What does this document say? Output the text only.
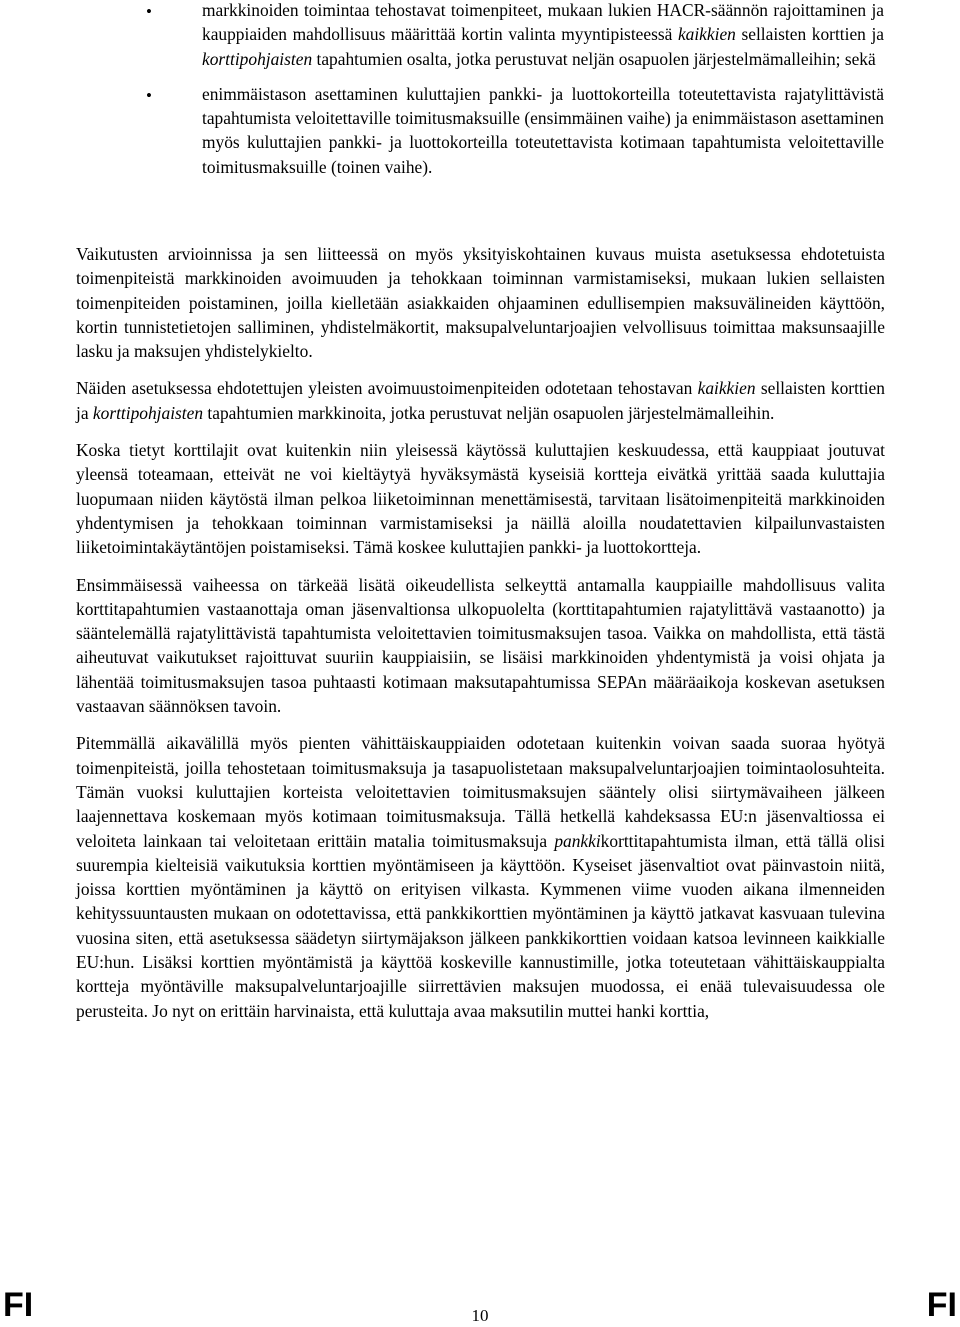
•	markkinoiden toimintaa tehostavat toimenpiteet, mukaan lukien HACR-säännön rajoittaminen ja kauppiaiden mahdollisuus määrittää kortin valinta myyntipisteessä kaikkien sellaisten korttien ja korttipohjaisten tapahtumien osalta, jotka perustuvat neljän osapuolen järjestelmämalleihin; sekä
•	enimmäistason asettaminen kuluttajien pankki- ja luottokorteilla toteutettavista rajatylittävistä tapahtumista veloitettaville toimitusmaksuille (ensimmäinen vaihe) ja enimmäistason asettaminen myös kuluttajien pankki- ja luottokorteilla toteutettavista kotimaan tapahtumista veloitettaville toimitusmaksuille (toinen vaihe).

Vaikutusten arvioinnissa ja sen liitteessä on myös yksityiskohtainen kuvaus muista asetuksessa ehdotetuista toimenpiteistä markkinoiden avoimuuden ja tehokkaan toiminnan varmistamiseksi, mukaan lukien sellaisten toimenpiteiden poistaminen, joilla kielletään asiakkaiden ohjaaminen edullisempien maksuvälineiden käyttöön, kortin tunnistetietojen salliminen, yhdistelmäkortit, maksupalveluntarjoajien velvollisuus toimittaa maksunsaajille lasku ja maksujen yhdistelykielto.

Näiden asetuksessa ehdotettujen yleisten avoimuustoimenpiteiden odotetaan tehostavan kaikkien sellaisten korttien ja korttipohjaisten tapahtumien markkinoita, jotka perustuvat neljän osapuolen järjestelmämalleihin.

Koska tietyt korttilajit ovat kuitenkin niin yleisessä käytössä kuluttajien keskuudessa, että kauppiaat joutuvat yleensä toteamaan, etteivät ne voi kieltäytyä hyväksymästä kyseisiä kortteja eivätkä yrittää saada kuluttajia luopumaan niiden käytöstä ilman pelkoa liiketoiminnan menettämisestä, tarvitaan lisätoimenpiteitä markkinoiden yhdentymisen ja tehokkaan toiminnan varmistamiseksi ja näillä aloilla noudatettavien kilpailunvastaisten liiketoimintakäytäntöjen poistamiseksi. Tämä koskee kuluttajien pankki- ja luottokortteja.

Ensimmäisessä vaiheessa on tärkeää lisätä oikeudellista selkeyttä antamalla kauppiaille mahdollisuus valita korttitapahtumien vastaanottaja oman jäsenvaltionsa ulkopuolelta (korttitapahtumien rajatylittävä vastaanotto) ja sääntelemällä rajatylittävistä tapahtumista veloitettavien toimitusmaksujen tasoa. Vaikka on mahdollista, että tästä aiheutuvat vaikutukset rajoittuvat suuriin kauppiaisiin, se lisäisi markkinoiden yhdentymistä ja voisi ohjata ja lähentää toimitusmaksujen tasoa puhtaasti kotimaan maksutapahtumissa SEPAn määräaikoja koskevan asetuksen vastaavan säännöksen tavoin.

Pitemmällä aikavälillä myös pienten vähittäiskauppiaiden odotetaan kuitenkin voivan saada suoraa hyötyä toimenpiteistä, joilla tehostetaan toimitusmaksuja ja tasapuolistetaan maksupalveluntarjoajien toimintaolosuhteita. Tämän vuoksi kuluttajien korteista veloitettavien toimitusmaksujen sääntely olisi siirtymävaiheen jälkeen laajennettava koskemaan myös kotimaan toimitusmaksuja. Tällä hetkellä kahdeksassa EU:n jäsenvaltiossa ei veloiteta lainkaan tai veloitetaan erittäin matalia toimitusmaksuja pankkikorttitapahtumista ilman, että tällä olisi suurempia kielteisiä vaikutuksia korttien myöntämiseen ja käyttöön. Kyseiset jäsenvaltiot ovat päinvastoin niitä, joissa korttien myöntäminen ja käyttö on erityisen vilkasta. Kymmenen viime vuoden aikana ilmenneiden kehityssuuntausten mukaan on odotettavissa, että pankkikorttien myöntäminen ja käyttö jatkavat kasvuaan tulevina vuosina siten, että asetuksessa säädetyn siirtymäjakson jälkeen pankkikorttien voidaan katsoa levinneen kaikkialle EU:hun. Lisäksi korttien myöntämistä ja käyttöä koskeville kannustimille, jotka toteutetaan vähittäiskauppialta kortteja myöntäville maksupalveluntarjoajille siirrettävien maksujen muodossa, ei enää tulevaisuudessa ole perusteita. Jo nyt on erittäin harvinaista, että kuluttaja avaa maksutilin muttei hanki korttia,

FI	10	FI
